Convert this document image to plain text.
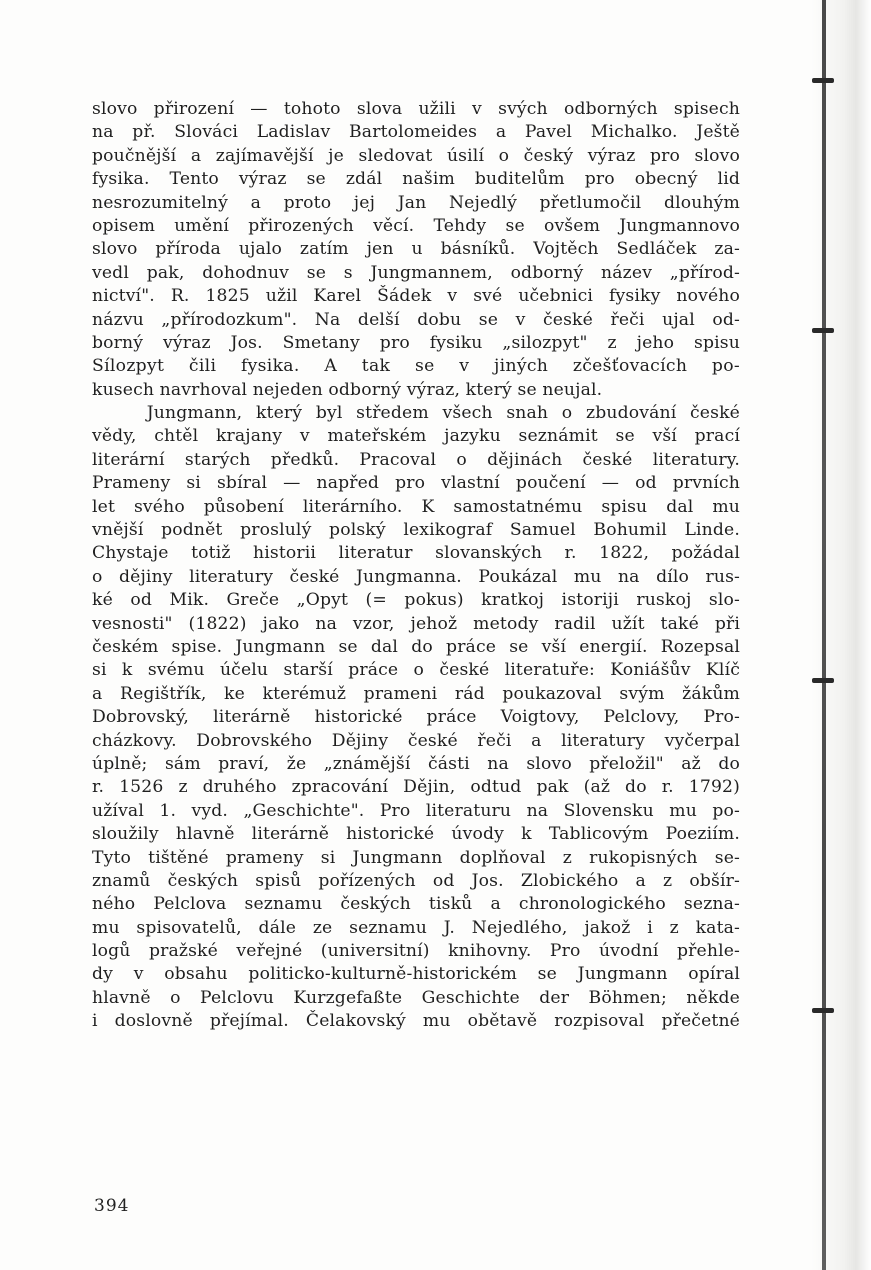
slovo přirození — tohoto slova užili v svých odborných spisech
na př. Slováci Ladislav Bartolomeides a Pavel Michalko. Ještě
poučnější a zajímavější je sledovat úsilí o český výraz pro slovo
fysika. Tento výraz se zdál našim buditelům pro obecný lid
nesrozumitelný a proto jej Jan Nejedlý přetlumočil dlouhým
opisem umění přirozených věcí. Tehdy se ovšem Jungmannovo
slovo příroda ujalo zatím jen u básníků. Vojtěch Sedláček za-
vedl pak, dohodnuv se s Jungmannem, odborný název „přírod-
nictví". R. 1825 užil Karel Šádek v své učebnici fysiky nového
názvu „přírodozkum". Na delší dobu se v české řeči ujal od-
borný výraz Jos. Smetany pro fysiku „silozpyt" z jeho spisu
Sílozpyt čili fysika. A tak se v jiných zčešťovacích po-
kusech navrhoval nejeden odborný výraz, který se neujal.
Jungmann, který byl středem všech snah o zbudování české
vědy, chtěl krajany v mateřském jazyku seznámit se vší prací
literární starých předků. Pracoval o dějinách české literatury.
Prameny si sbíral — napřed pro vlastní poučení — od prvních
let svého působení literárního. K samostatnému spisu dal mu
vnější podnět proslulý polský lexikograf Samuel Bohumil Linde.
Chystaje totiž historii literatur slovanských r. 1822, požádal
o dějiny literatury české Jungmanna. Poukázal mu na dílo rus-
ké od Mik. Greče „Opyt (= pokus) kratkoj istoriji ruskoj slo-
vesnosti" (1822) jako na vzor, jehož metody radil užít také při
českém spise. Jungmann se dal do práce se vší energií. Rozepsal
si k svému účelu starší práce o české literatuře: Koniášův Klíč
a Regištřík, ke kterémuž prameni rád poukazoval svým žákům
Dobrovský, literárně historické práce Voigtovy, Pelclovy, Pro-
cházkovy. Dobrovského Dějiny české řeči a literatury vyčerpal
úplně; sám praví, že „známější části na slovo přeložil" až do
r. 1526 z druhého zpracování Dějin, odtud pak (až do r. 1792)
užíval 1. vyd. „Geschichte". Pro literaturu na Slovensku mu po-
sloužily hlavně literárně historické úvody k Tablicovým Poeziím.
Tyto tištěné prameny si Jungmann doplňoval z rukopisných se-
znamů českých spisů pořízených od Jos. Zlobického a z obšír-
ného Pelclova seznamu českých tisků a chronologického sezna-
mu spisovatelů, dále ze seznamu J. Nejedlého, jakož i z kata-
logů pražské veřejné (universitní) knihovny. Pro úvodní přehle-
dy v obsahu politicko-kulturně-historickém se Jungmann opíral
hlavně o Pelclovu Kurzgefaßte Geschichte der Böhmen; někde
i doslovně přejímal. Čelakovský mu obětavě rozpisoval přečetné
394
